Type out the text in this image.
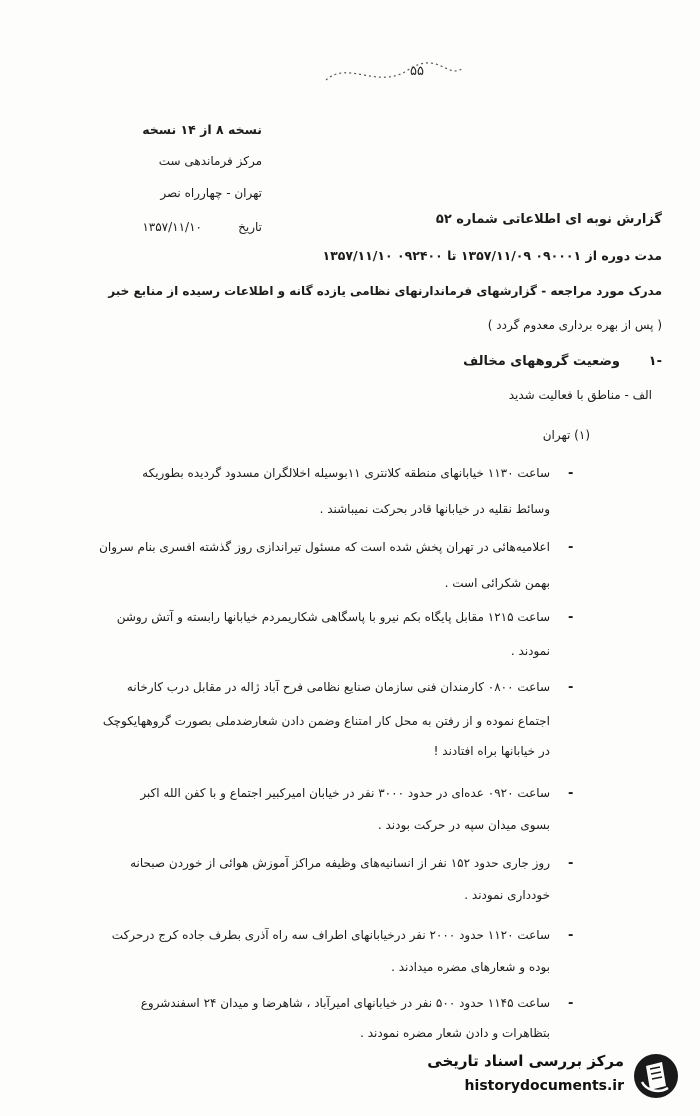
۵۵
نسخه ۸ از ۱۴ نسخه
مرکز فرماندهی ست
تهران - چهارراه نصر
تاریخ
۱۳۵۷/۱۱/۱۰	گزارش نوبه ای اطلاعاتی شماره ۵۲
مدت دوره از ۰۹۰۰۰۱ ۱۳۵۷/۱۱/۰۹ تا ۰۹۲۴۰۰ ۱۳۵۷/۱۱/۱۰
مدرک مورد مراجعه - گزارشهای فرماندارنهای نظامی یازده گانه و اطلاعات رسیده از منابع خبر
( پس از بهره برداری معدوم گردد )
۱-
وضعیت گروههای مخالف
الف - مناطق با فعالیت شدید
(۱) تهران
-
ساعت ۱۱۳۰ خیابانهای منطقه کلانتری ۱۱بوسیله اخلالگران مسدود گردیده بطوریکه
وسائط نقلیه در خیابانها قادر بحرکت نمیباشند .
-
اعلامیه‌هائی در تهران پخش شده است که مسئول تیراندازی روز گذشته افسری بنام سروان
بهمن شکرائی است .
-
ساعت ۱۲۱۵ مقابل پایگاه بکم نیرو با پاسگاهی شکاریمردم خیابانها رابسته و آتش روشن
نمودند .
-
ساعت ۰۸۰۰ کارمندان فنی سازمان صنایع نظامی فرح آباد ژاله در مقابل درب کارخانه
اجتماع نموده و از رفتن به محل کار امتناع وضمن دادن شعارضدملی بصورت گروههایکوچک
در خیابانها براه افتادند !
-
ساعت ۰۹۲۰ عده‌ای در حدود ۳۰۰۰ نفر در خیابان امیرکبیر اجتماع و با کفن الله اکبر
بسوی میدان سپه در حرکت بودند .
-
روز جاری حدود ۱۵۲ نفر از انسانیه‌های وظیفه مراکز آموزش هوائی از خوردن صبحانه
خودداری نمودند .
-
ساعت ۱۱۲۰ حدود ۲۰۰۰ نفر درخیابانهای اطراف سه راه آذری بطرف جاده کرج درحرکت
بوده و شعارهای مضره میدادند .
-
ساعت ۱۱۴۵ حدود ۵۰۰ نفر در خیابانهای امیرآباد ، شاهرضا و میدان ۲۴ اسفندشروع
بتظاهرات و دادن شعار مضره نمودند .
مرکز بررسی اسناد تاریخی
historydocuments.ir
